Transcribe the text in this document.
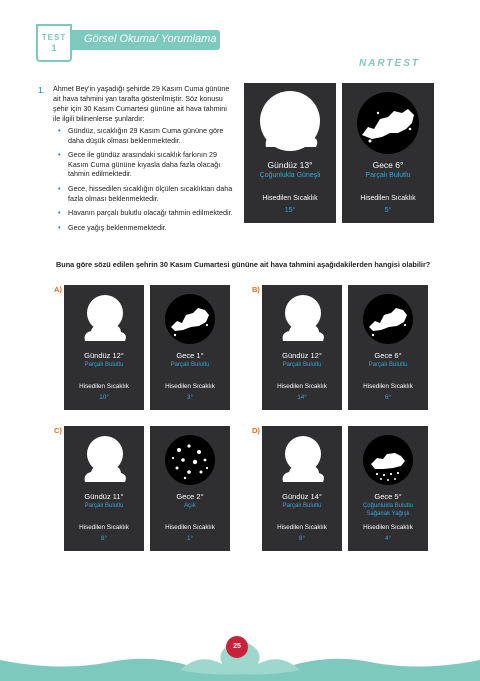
TEST
1
Görsel Okuma/ Yorumlama
NARTEST
1. Ahmet Bey'in yaşadığı şehirde 29 Kasım Cuma gününe ait hava tahmini yan tarafta gösterilmiştir. Söz konusu şehir için 30 Kasım Cumartesi gününe ait hava tahmini ile ilgili bilinenlerse şunlardır:
• Gündüz, sıcaklığın 29 Kasım Cuma gününe göre daha düşük olması beklenmektedir.
• Gece ile gündüz arasındaki sıcaklık farkının 29 Kasım Cuma gününe kıyasla daha fazla olacağı tahmin edilmektedir.
• Gece, hissedilen sıcaklığın ölçülen sıcaklıktan daha fazla olması beklenmektedir.
• Havanın parçalı bulutlu olacağı tahmin edilmektedir.
• Gece yağış beklenmemektedir.
Gündüz 13°
Çoğunlukla Güneşli
Hisedilen Sıcaklık
15°
Gece 6°
Parçalı Bulutlu
Hisedilen Sıcaklık
5°
Buna göre sözü edilen şehrin 30 Kasım Cumartesi gününe ait hava tahmini aşağıdakilerden hangisi olabilir?
A)
Gündüz 12°
Parçalı Bulutlu
Hisedilen Sıcaklık
10°
Gece 1°
Parçalı Bulutlu
Hisedilen Sıcaklık
3°
B)
Gündüz 12°
Parçalı Bulutlu
Hisedilen Sıcaklık
14°
Gece 6°
Parçalı Bulutlu
Hisedilen Sıcaklık
6°
C)
Gündüz 11°
Parçalı Bulutlu
Hisedilen Sıcaklık
8°
Gece 2°
Açık
Hisedilen Sıcaklık
1°
D)
Gündüz 14°
Parçalı Bulutlu
Hisedilen Sıcaklık
8°
Gece 5°
Çoğunlukla Bulutlu Sağanak Yağışlı
Hisedilen Sıcaklık
4°
25
